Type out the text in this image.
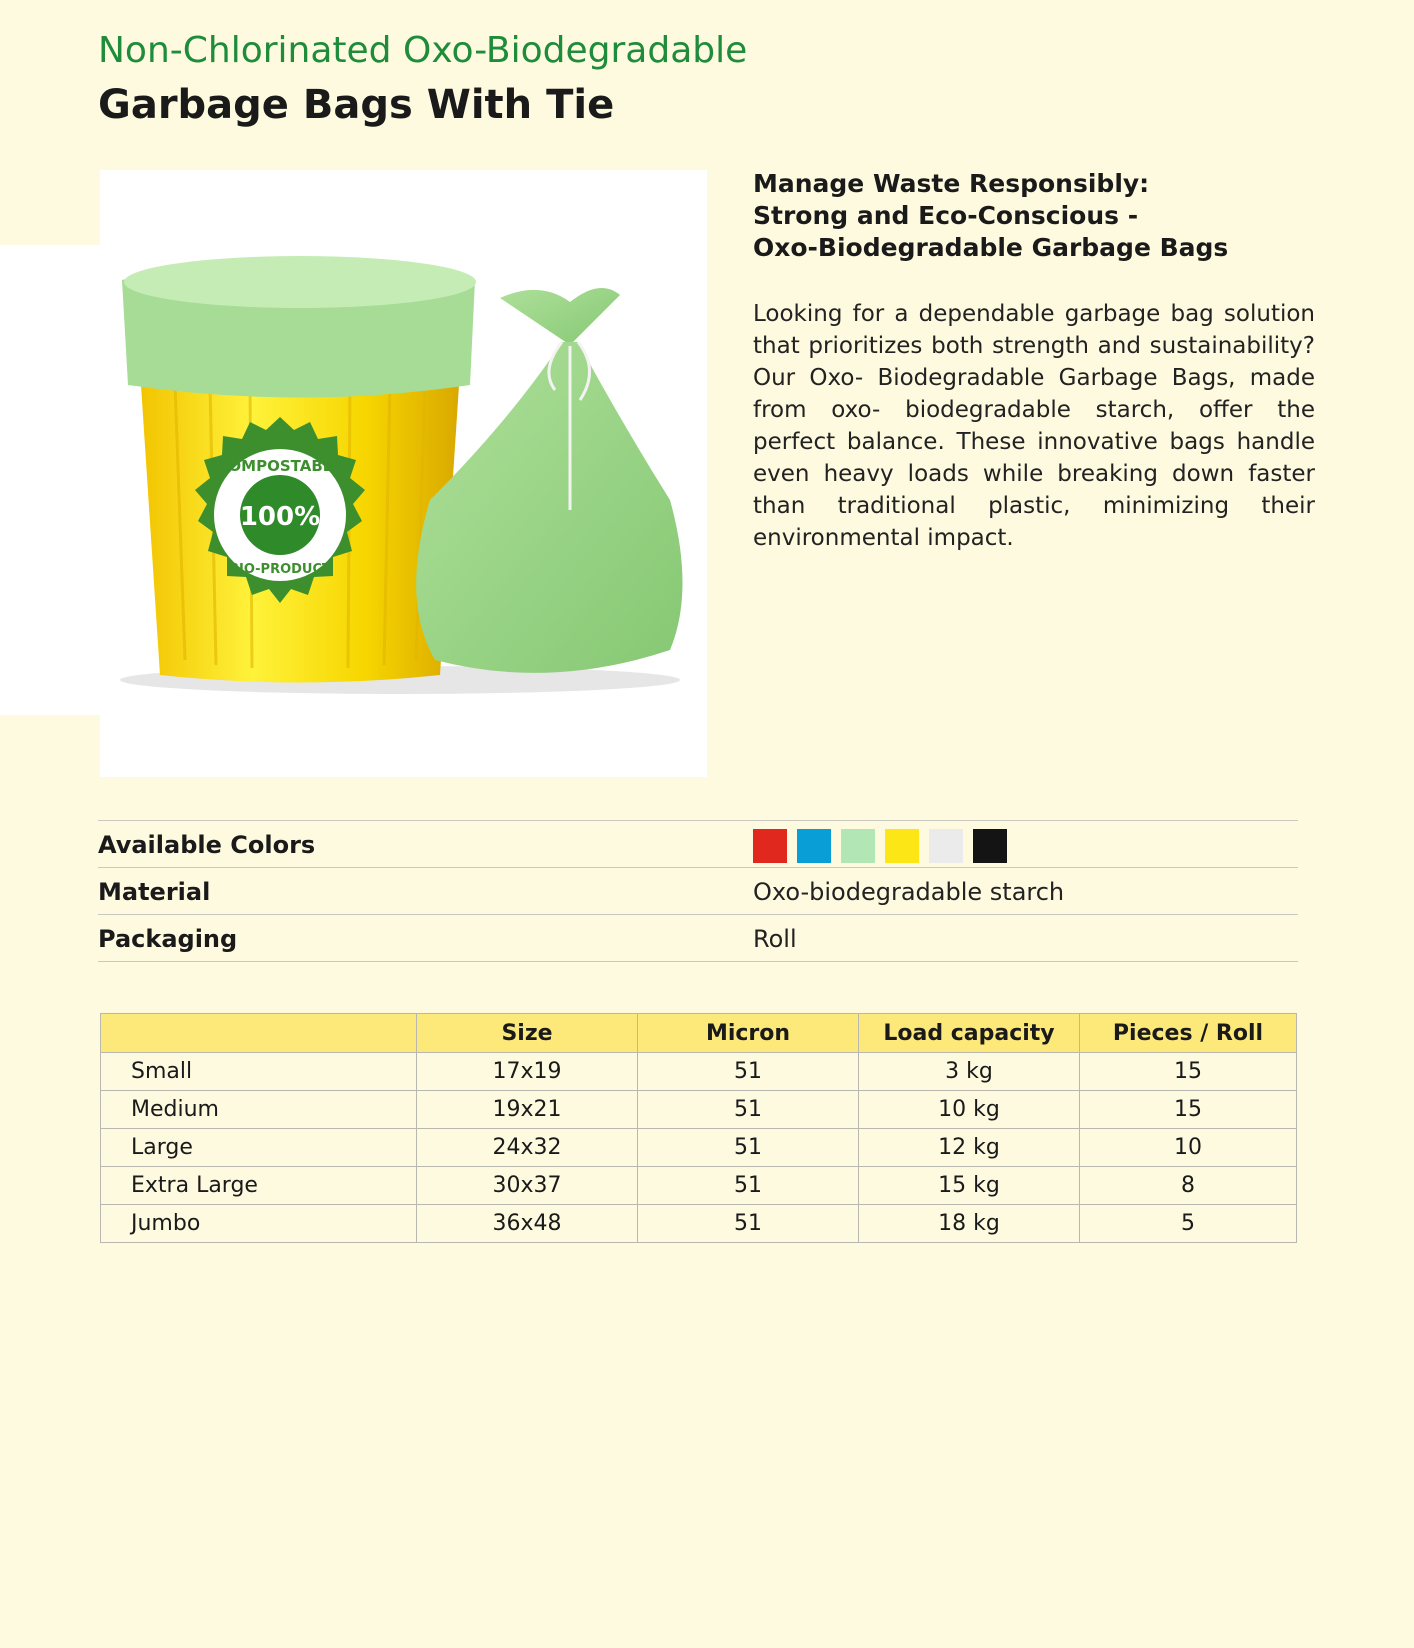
Non-Chlorinated Oxo-Biodegradable
Garbage Bags With Tie
COMPOSTABLE
100%
BIO-PRODUCT
Manage Waste Responsibly:
Strong and Eco-Conscious -
Oxo-Biodegradable Garbage Bags

Looking for a dependable garbage bag solution that prioritizes both strength and sustainability? Our Oxo- Biodegradable Garbage Bags, made from oxo- biodegradable starch, offer the perfect balance. These innovative bags handle even heavy loads while breaking down faster than traditional plastic, minimizing their environmental impact.

Available Colors
Material	Oxo-biodegradable starch
Packaging	Roll
	Size	Micron	Load capacity	Pieces / Roll
Small	17x19	51	3 kg	15
Medium	19x21	51	10 kg	15
Large	24x32	51	12 kg	10
Extra Large	30x37	51	15 kg	8
Jumbo	36x48	51	18 kg	5
